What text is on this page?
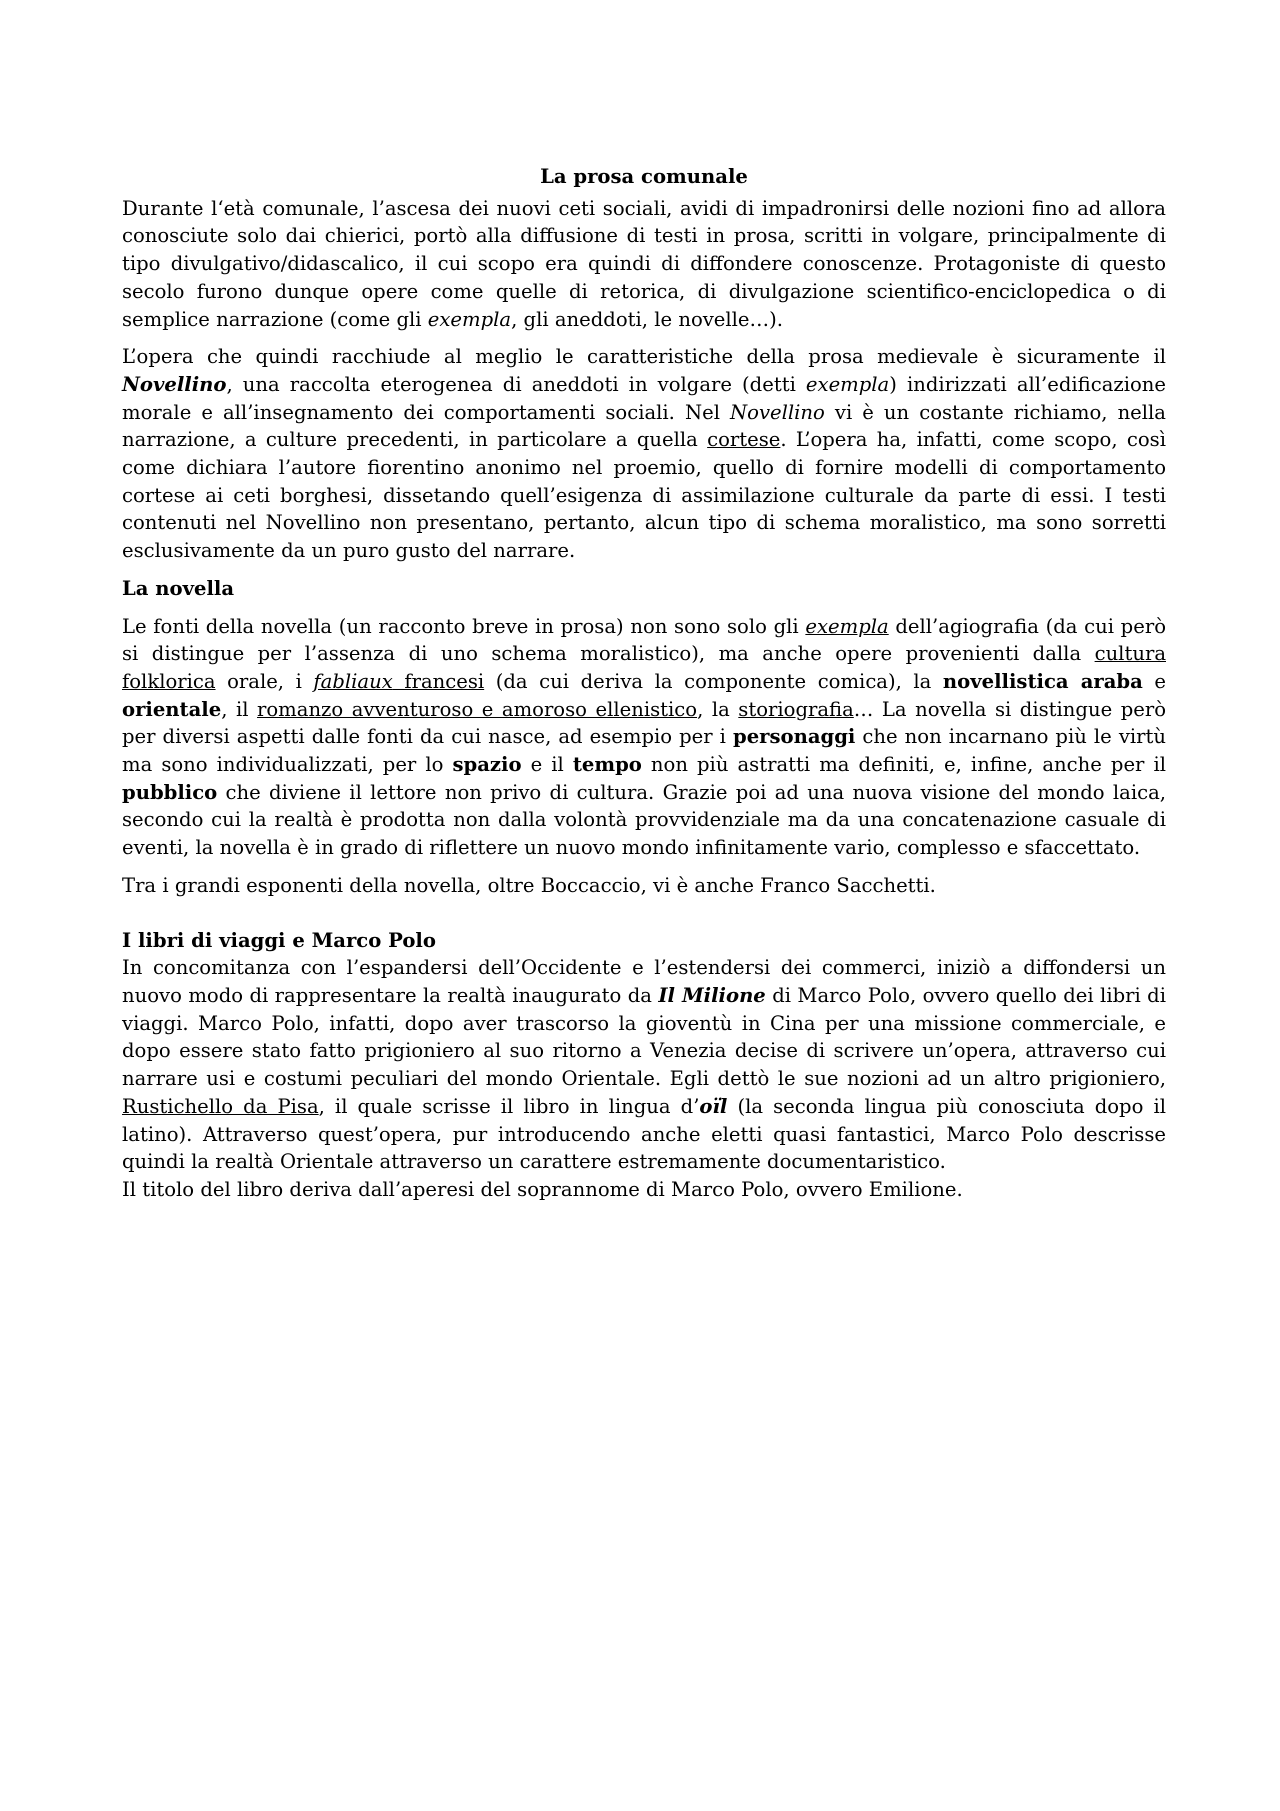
La prosa comunale

Durante l‘età comunale, l’ascesa dei nuovi ceti sociali, avidi di impadronirsi delle nozioni fino ad allora conosciute solo dai chierici, portò alla diffusione di testi in prosa, scritti in volgare, principalmente di tipo divulgativo/didascalico, il cui scopo era quindi di diffondere conoscenze. Protagoniste di questo secolo furono dunque opere come quelle di retorica, di divulgazione scientifico-enciclopedica o di semplice narrazione (come gli exempla, gli aneddoti, le novelle…).

L’opera che quindi racchiude al meglio le caratteristiche della prosa medievale è sicuramente il Novellino, una raccolta eterogenea di aneddoti in volgare (detti exempla) indirizzati all’edificazione morale e all’insegnamento dei comportamenti sociali. Nel Novellino vi è un costante richiamo, nella narrazione, a culture precedenti, in particolare a quella cortese. L’opera ha, infatti, come scopo, così come dichiara l’autore fiorentino anonimo nel proemio, quello di fornire modelli di comportamento cortese ai ceti borghesi, dissetando quell’esigenza di assimilazione culturale da parte di essi. I testi contenuti nel Novellino non presentano, pertanto, alcun tipo di schema moralistico, ma sono sorretti esclusivamente da un puro gusto del narrare.

La novella

Le fonti della novella (un racconto breve in prosa) non sono solo gli exempla dell’agiografia (da cui però si distingue per l’assenza di uno schema moralistico), ma anche opere provenienti dalla cultura folklorica orale, i fabliaux francesi (da cui deriva la componente comica), la novellistica araba e orientale, il romanzo avventuroso e amoroso ellenistico, la storiografia… La novella si distingue però per diversi aspetti dalle fonti da cui nasce, ad esempio per i personaggi che non incarnano più le virtù ma sono individualizzati, per lo spazio e il tempo non più astratti ma definiti, e, infine, anche per il pubblico che diviene il lettore non privo di cultura. Grazie poi ad una nuova visione del mondo laica, secondo cui la realtà è prodotta non dalla volontà provvidenziale ma da una concatenazione casuale di eventi, la novella è in grado di riflettere un nuovo mondo infinitamente vario, complesso e sfaccettato.

Tra i grandi esponenti della novella, oltre Boccaccio, vi è anche Franco Sacchetti.

I libri di viaggi e Marco Polo

In concomitanza con l’espandersi dell’Occidente e l’estendersi dei commerci, iniziò a diffondersi un nuovo modo di rappresentare la realtà inaugurato da Il Milione di Marco Polo, ovvero quello dei libri di viaggi. Marco Polo, infatti, dopo aver trascorso la gioventù in Cina per una missione commerciale, e dopo essere stato fatto prigioniero al suo ritorno a Venezia decise di scrivere un’opera, attraverso cui narrare usi e costumi peculiari del mondo Orientale. Egli dettò le sue nozioni ad un altro prigioniero, Rustichello da Pisa, il quale scrisse il libro in lingua d’oïl (la seconda lingua più conosciuta dopo il latino). Attraverso quest’opera, pur introducendo anche eletti quasi fantastici, Marco Polo descrisse quindi la realtà Orientale attraverso un carattere estremamente documentaristico.

Il titolo del libro deriva dall’aperesi del soprannome di Marco Polo, ovvero Emilione.
